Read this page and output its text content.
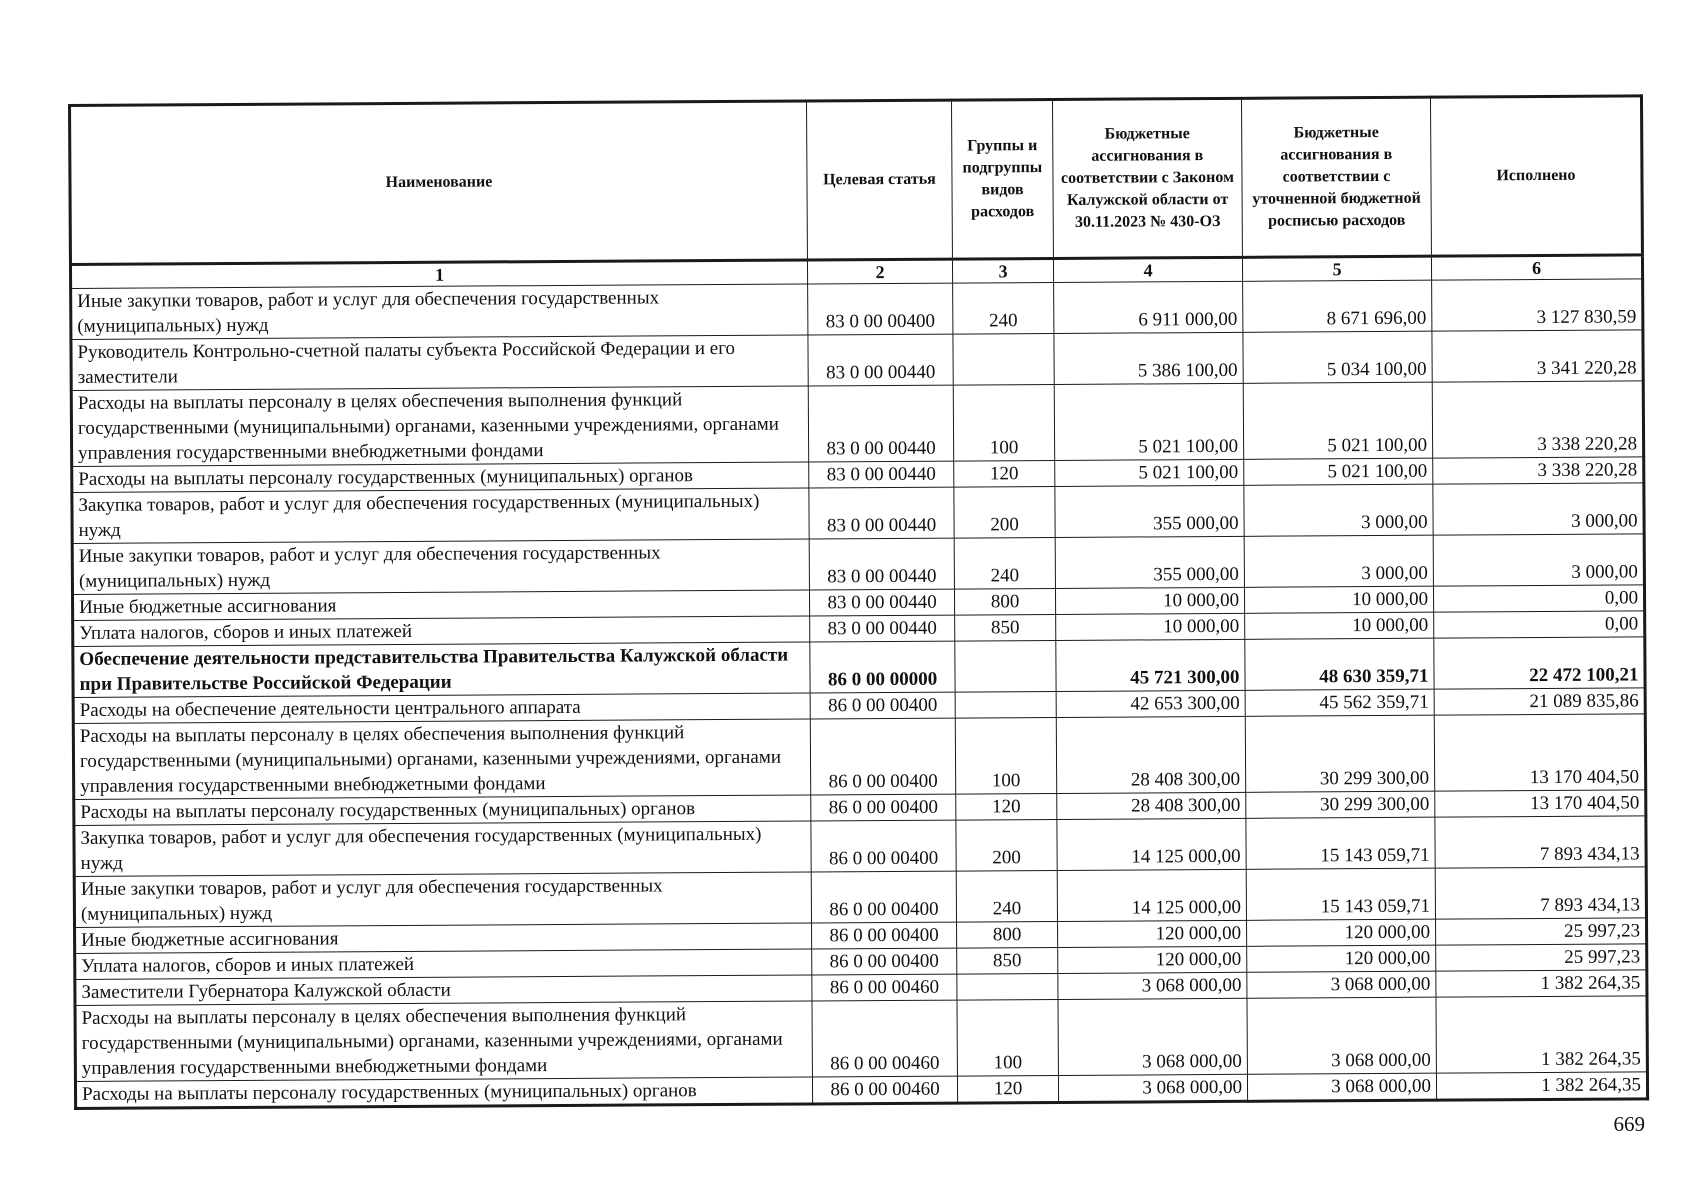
Наименование	Целевая статья	Группы и подгруппы видов расходов	Бюджетные ассигнования в соответствии с Законом Калужской области от 30.11.2023 № 430-ОЗ	Бюджетные ассигнования в соответствии с уточненной бюджетной росписью расходов	Исполнено
1	2	3	4	5	6
Иные закупки товаров, работ и услуг для обеспечения государственных (муниципальных) нужд	83 0 00 00400	240	6 911 000,00	8 671 696,00	3 127 830,59
Руководитель Контрольно-счетной палаты субъекта Российской Федерации и его заместители	83 0 00 00440		5 386 100,00	5 034 100,00	3 341 220,28
Расходы на выплаты персоналу в целях обеспечения выполнения функций государственными (муниципальными) органами, казенными учреждениями, органами управления государственными внебюджетными фондами	83 0 00 00440	100	5 021 100,00	5 021 100,00	3 338 220,28
Расходы на выплаты персоналу государственных (муниципальных) органов	83 0 00 00440	120	5 021 100,00	5 021 100,00	3 338 220,28
Закупка товаров, работ и услуг для обеспечения государственных (муниципальных) нужд	83 0 00 00440	200	355 000,00	3 000,00	3 000,00
Иные закупки товаров, работ и услуг для обеспечения государственных (муниципальных) нужд	83 0 00 00440	240	355 000,00	3 000,00	3 000,00
Иные бюджетные ассигнования	83 0 00 00440	800	10 000,00	10 000,00	0,00
Уплата налогов, сборов и иных платежей	83 0 00 00440	850	10 000,00	10 000,00	0,00
Обеспечение деятельности представительства Правительства Калужской области при Правительстве Российской Федерации	86 0 00 00000		45 721 300,00	48 630 359,71	22 472 100,21
Расходы на обеспечение деятельности центрального аппарата	86 0 00 00400		42 653 300,00	45 562 359,71	21 089 835,86
Расходы на выплаты персоналу в целях обеспечения выполнения функций государственными (муниципальными) органами, казенными учреждениями, органами управления государственными внебюджетными фондами	86 0 00 00400	100	28 408 300,00	30 299 300,00	13 170 404,50
Расходы на выплаты персоналу государственных (муниципальных) органов	86 0 00 00400	120	28 408 300,00	30 299 300,00	13 170 404,50
Закупка товаров, работ и услуг для обеспечения государственных (муниципальных) нужд	86 0 00 00400	200	14 125 000,00	15 143 059,71	7 893 434,13
Иные закупки товаров, работ и услуг для обеспечения государственных (муниципальных) нужд	86 0 00 00400	240	14 125 000,00	15 143 059,71	7 893 434,13
Иные бюджетные ассигнования	86 0 00 00400	800	120 000,00	120 000,00	25 997,23
Уплата налогов, сборов и иных платежей	86 0 00 00400	850	120 000,00	120 000,00	25 997,23
Заместители Губернатора Калужской области	86 0 00 00460		3 068 000,00	3 068 000,00	1 382 264,35
Расходы на выплаты персоналу в целях обеспечения выполнения функций государственными (муниципальными) органами, казенными учреждениями, органами управления государственными внебюджетными фондами	86 0 00 00460	100	3 068 000,00	3 068 000,00	1 382 264,35
Расходы на выплаты персоналу государственных (муниципальных) органов	86 0 00 00460	120	3 068 000,00	3 068 000,00	1 382 264,35
669
